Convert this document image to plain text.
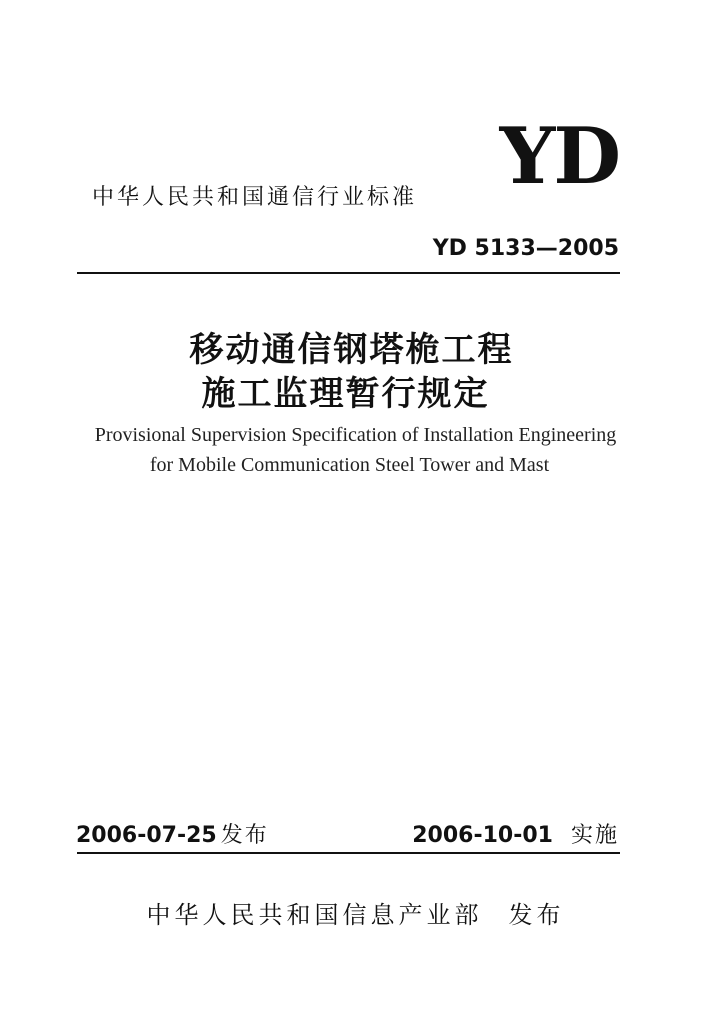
YD
中华人民共和国通信行业标准
YD 5133—2005
移动通信钢塔桅工程
施工监理暂行规定
Provisional Supervision Specification of Installation Engineering
for Mobile Communication Steel Tower and Mast
2006-07-25 发布	2006-10-01 实施
中华人民共和国信息产业部 发布
